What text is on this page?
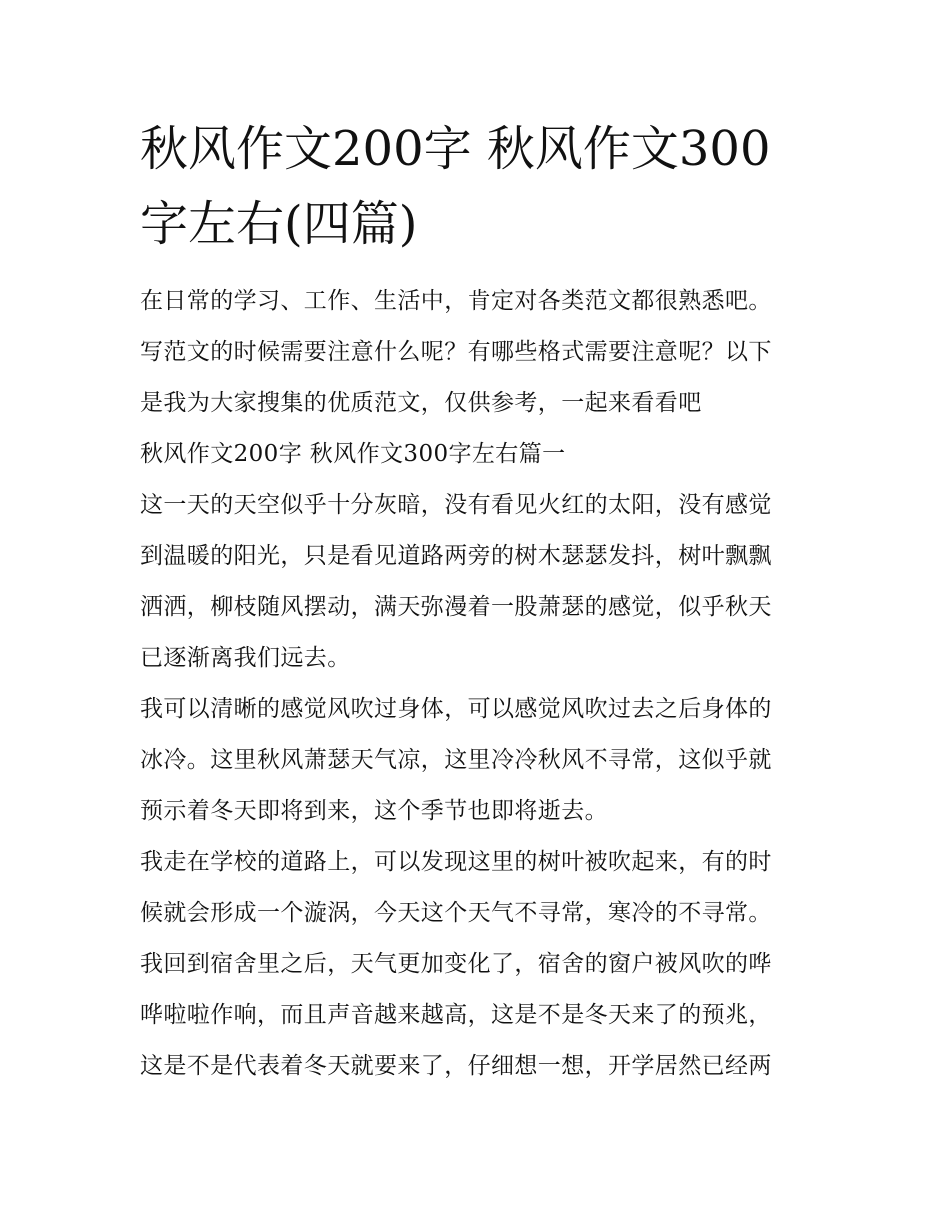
秋风作文200字 秋风作文300
字左右(四篇)
在日常的学习、工作、生活中，肯定对各类范文都很熟悉吧。
写范文的时候需要注意什么呢？有哪些格式需要注意呢？以下
是我为大家搜集的优质范文，仅供参考，一起来看看吧
秋风作文200字 秋风作文300字左右篇一
这一天的天空似乎十分灰暗，没有看见火红的太阳，没有感觉
到温暖的阳光，只是看见道路两旁的树木瑟瑟发抖，树叶飘飘
洒洒，柳枝随风摆动，满天弥漫着一股萧瑟的感觉，似乎秋天
已逐渐离我们远去。
我可以清晰的感觉风吹过身体，可以感觉风吹过去之后身体的
冰冷。这里秋风萧瑟天气凉，这里冷冷秋风不寻常，这似乎就
预示着冬天即将到来，这个季节也即将逝去。
我走在学校的道路上，可以发现这里的树叶被吹起来，有的时
候就会形成一个漩涡，今天这个天气不寻常，寒冷的不寻常。
我回到宿舍里之后，天气更加变化了，宿舍的窗户被风吹的哗
哗啦啦作响，而且声音越来越高，这是不是冬天来了的预兆，
这是不是代表着冬天就要来了，仔细想一想，开学居然已经两
